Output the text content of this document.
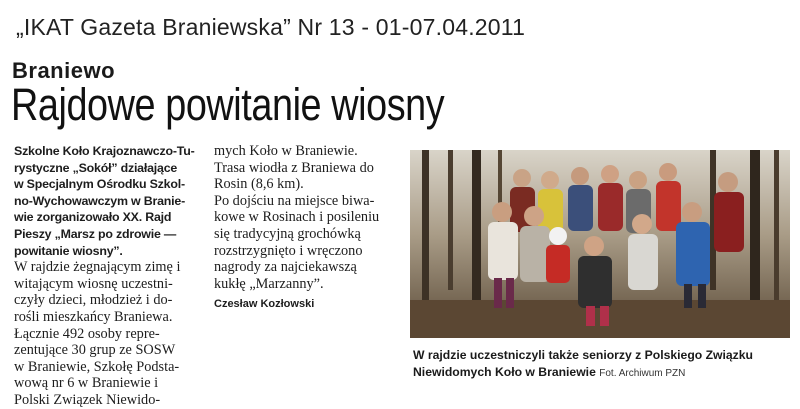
„IKAT Gazeta Braniewska” Nr 13 - 01-07.04.2011
Braniewo
Rajdowe powitanie wiosny
Szkolne Koło Krajoznawczo-Tu-
rystyczne „Sokół” działające
w Specjalnym Ośrodku Szkol-
no-Wychowawczym w Branie-
wie zorganizowało XX. Rajd
Pieszy „Marsz po zdrowie —
powitanie wiosny”.
W rajdzie żegnającym zimę i
witającym wiosnę uczestni-
czyły dzieci, młodzież i do-
rośli mieszkańcy Braniewa.
Łącznie 492 osoby repre-
zentujące 30 grup ze SOSW
w Braniewie, Szkołę Podsta-
wową nr 6 w Braniewie i
Polski Związek Niewido-
mych Koło w Braniewie.
Trasa wiodła z Braniewa do
Rosin (8,6 km).
Po dojściu na miejsce biwa-
kowe w Rosinach i posileniu
się tradycyjną grochówką
rozstrzygnięto i wręczono
nagrody za najciekawszą
kukłę „Marzanny”.
Czesław Kozłowski
W rajdzie uczestniczyli także seniorzy z Polskiego Związku
Niewidomych Koło w Braniewie Fot. Archiwum PZN
